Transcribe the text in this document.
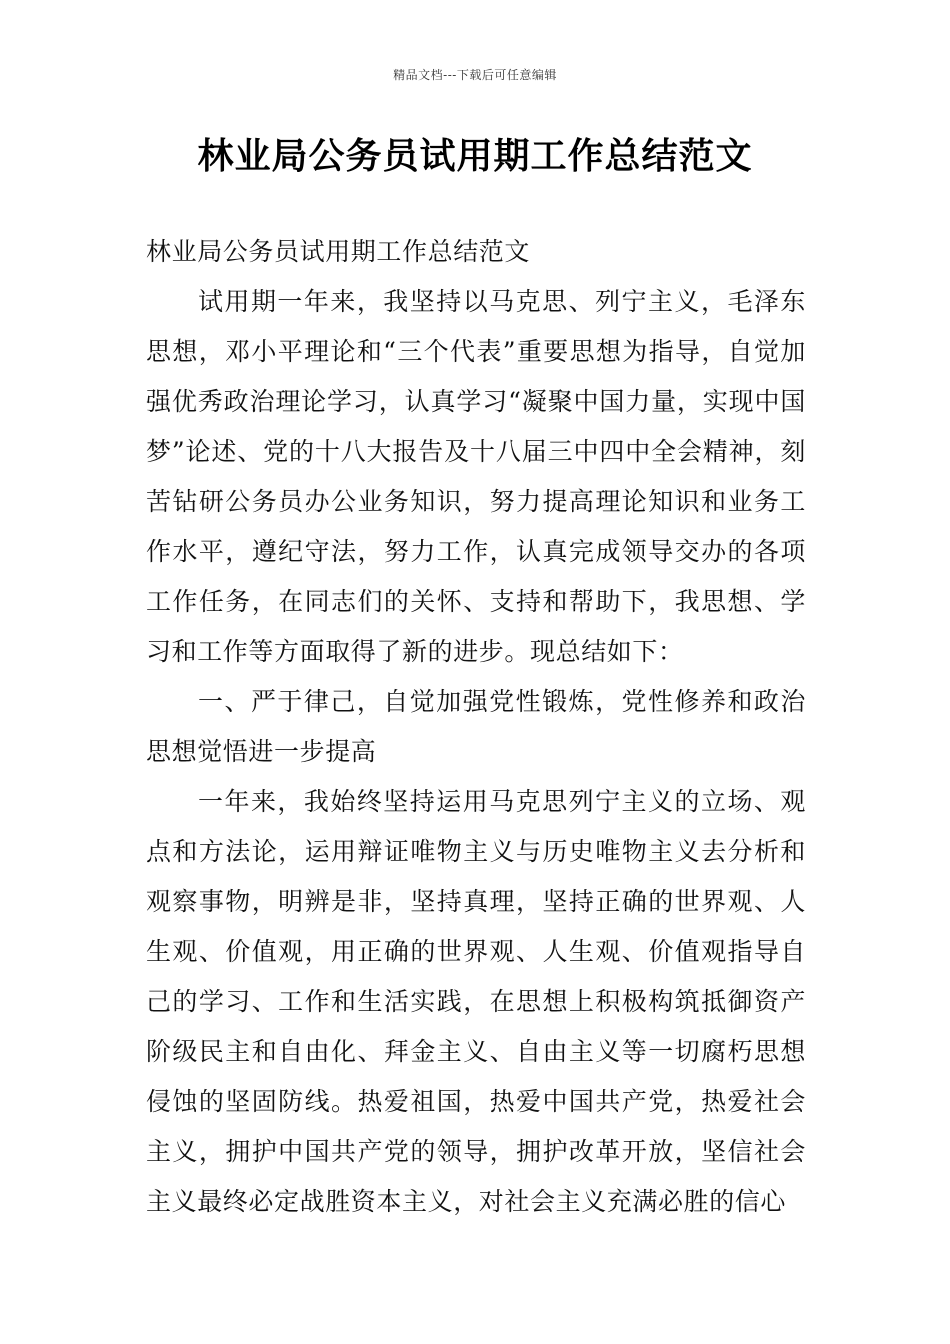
精品文档---下载后可任意编辑
林业局公务员试用期工作总结范文

林业局公务员试用期工作总结范文

试用期一年来，我坚持以马克思、列宁主义，毛泽东思想，邓小平理论和“三个代表”重要思想为指导，自觉加强优秀政治理论学习，认真学习“凝聚中国力量，实现中国梦”论述、党的十八大报告及十八届三中四中全会精神，刻苦钻研公务员办公业务知识，努力提高理论知识和业务工作水平，遵纪守法，努力工作，认真完成领导交办的各项工作任务，在同志们的关怀、支持和帮助下，我思想、学习和工作等方面取得了新的进步。现总结如下：

一、严于律己，自觉加强党性锻炼，党性修养和政治思想觉悟进一步提高

一年来，我始终坚持运用马克思列宁主义的立场、观点和方法论，运用辩证唯物主义与历史唯物主义去分析和观察事物，明辨是非，坚持真理，坚持正确的世界观、人生观、价值观，用正确的世界观、人生观、价值观指导自己的学习、工作和生活实践，在思想上积极构筑抵御资产阶级民主和自由化、拜金主义、自由主义等一切腐朽思想侵蚀的坚固防线。热爱祖国，热爱中国共产党，热爱社会主义，拥护中国共产党的领导，拥护改革开放，坚信社会主义最终必定战胜资本主义，对社会主义充满必胜的信心
